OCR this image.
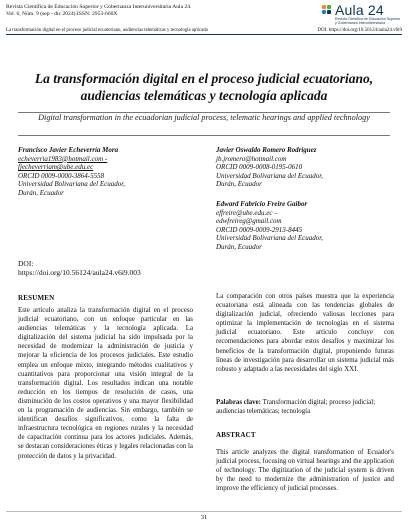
Revista Científica de Educación Superior y Gobernanza Interuniversitaria Aula 24.
Vol. 6, Núm. 9 (sep - dic 2024).ISSN: 2953-660X	Aula 24
Revista Científica de Educación Superior
y Gobernanza Interuniversitaria
La transformación digital en el proceso judicial ecuatoriano, audiencias telemáticas y tecnología aplicada	DOI: https://doi.org/10.56124/aula24.v6i9
La transformación digital en el proceso judicial ecuatoriano, audiencias telemáticas y tecnología aplicada
Digital transformation in the ecuadorian judicial process, telematic hearings and applied technology
Francisco Javier Echeverría Mora
echeverria1983@hotmail.com -
fjecheverriam@ube.edu.ec
ORCID 0009-0000-3864-5558
Universidad Bolivariana del Ecuador,
Durán, Ecuador
Javier Oswaldo Romero Rodríguez
jb.jromero@hotmail.com
ORCID 0009-0008-0195-0610
Universidad Bolivariana del Ecuador,
Durán, Ecuador
Edward Fabricio Freire Gaibor
effreire@ube.edu.ec –
edwfreireg@gmail.com
ORCID 0009-0009-2913-8445
Universidad Bolivariana del Ecuador,
Durán, Ecuador
DOI:
https://doi.org/10.56124/aula24.v6i9.003
RESUMEN

Este artículo analiza la transformación digital en el proceso judicial ecuatoriano, con un enfoque particular en las audiencias telemáticas y la tecnología aplicada. La digitalización del sistema judicial ha sido impulsada por la necesidad de modernizar la administración de justicia y mejorar la eficiencia de los procesos judiciales. Este estudio emplea un enfoque mixto, integrando métodos cualitativos y cuantitativos para proporcionar una visión integral de la transformación digital. Los resultados indican una notable reducción en los tiempos de resolución de casos, una disminución de los costos operativos y una mayor flexibilidad en la programación de audiencias. Sin embargo, también se identifican desafíos significativos, como la falta de infraestructura tecnológica en regiones rurales y la necesidad de capacitación continua para los actores judiciales. Además, se destacan consideraciones éticas y legales relacionadas con la protección de datos y la privacidad.

La comparación con otros países muestra que la experiencia ecuatoriana está alineada con las tendencias globales de digitalización judicial, ofreciendo valiosas lecciones para optimizar la implementación de tecnologías en el sistema judicial ecuatoriano. Este artículo concluye con recomendaciones para abordar estos desafíos y maximizar los beneficios de la transformación digital, proponiendo futuras líneas de investigación para desarrollar un sistema judicial más robusto y adaptado a las necesidades del siglo XXI.

Palabras clave: Transformación digital; proceso judicial; audiencias telemáticas; tecnología
ABSTRACT

This article analyzes the digital transformation of Ecuador's judicial process, focusing on virtual hearings and the application of technology. The digitization of the judicial system is driven by the need to modernize the administration of justice and improve the efficiency of judicial processes.

31
